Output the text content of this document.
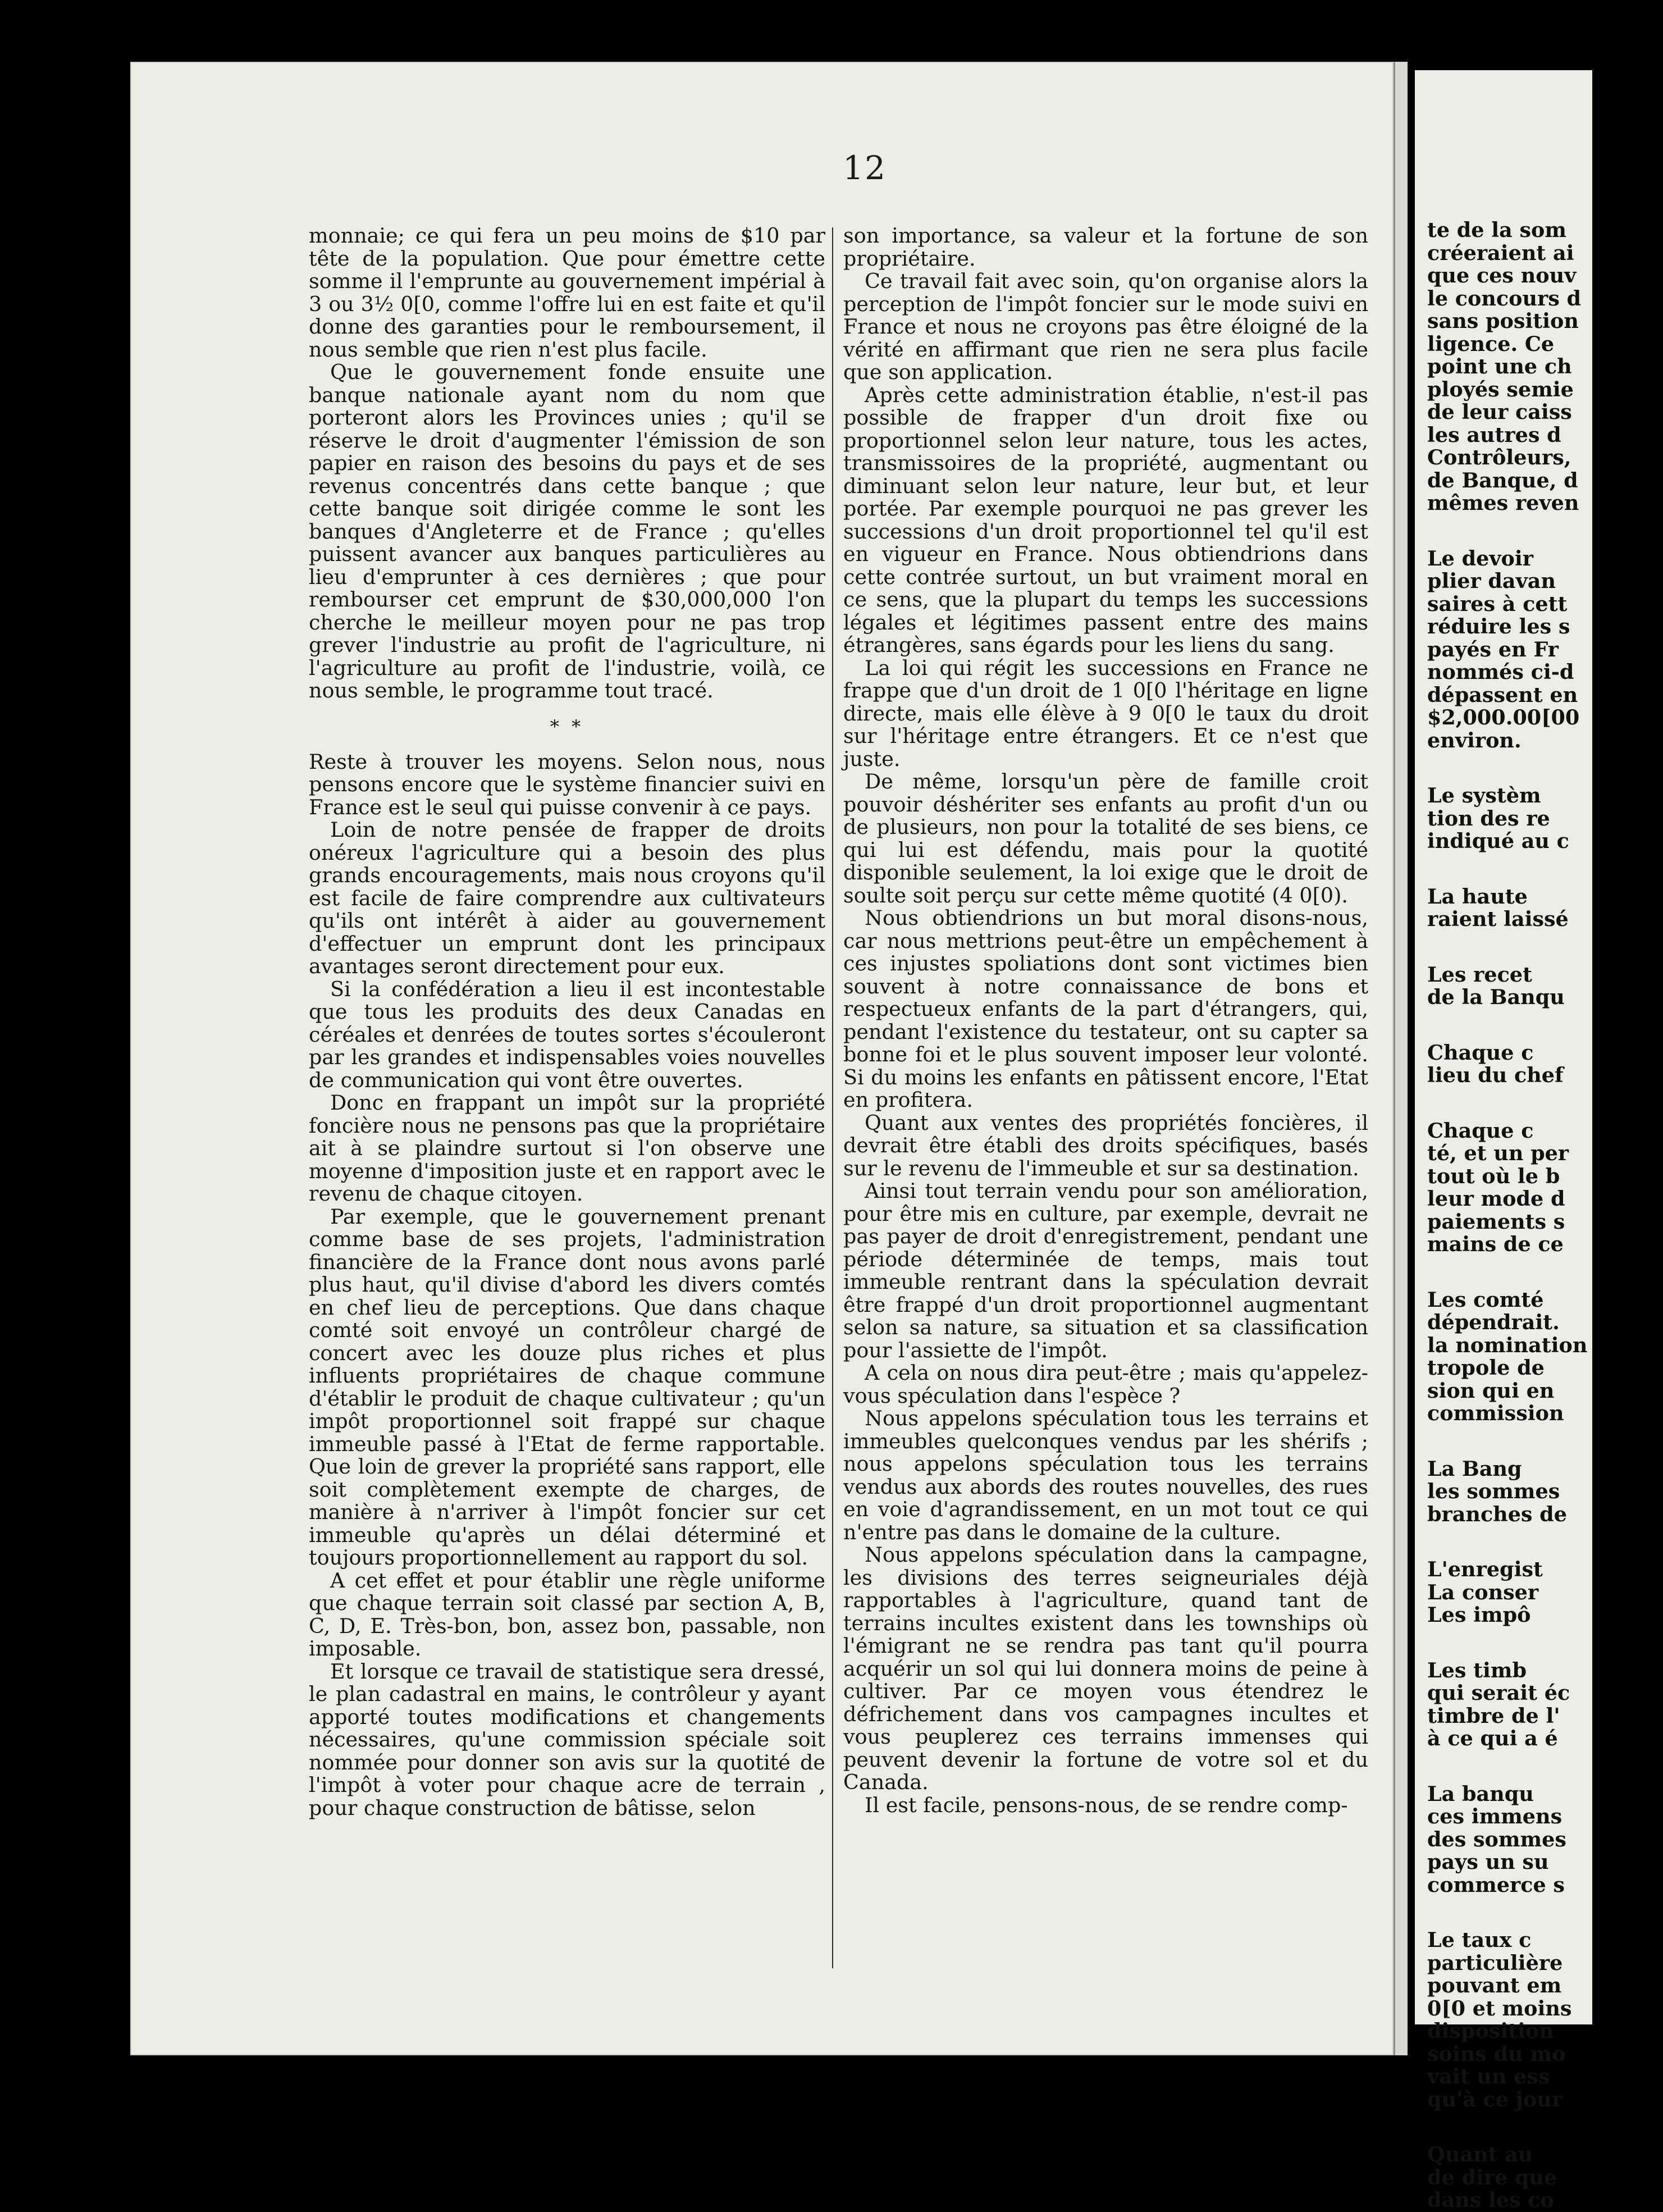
12

monnaie; ce qui fera un peu moins de $10 par tête de la population. Que pour émettre cette somme il l'emprunte au gouvernement impérial à 3 ou 3½ 0[0, comme l'offre lui en est faite et qu'il donne des garanties pour le remboursement, il nous semble que rien n'est plus facile.

Que le gouvernement fonde ensuite une banque nationale ayant nom du nom que porteront alors les Provinces unies ; qu'il se réserve le droit d'augmenter l'émission de son papier en raison des besoins du pays et de ses revenus concentrés dans cette banque ; que cette banque soit dirigée comme le sont les banques d'Angleterre et de France ; qu'elles puissent avancer aux banques particulières au lieu d'emprunter à ces dernières ; que pour rembourser cet emprunt de $30,000,000 l'on cherche le meilleur moyen pour ne pas trop grever l'industrie au profit de l'agriculture, ni l'agriculture au profit de l'industrie, voilà, ce nous semble, le programme tout tracé.

* *

Reste à trouver les moyens. Selon nous, nous pensons encore que le système financier suivi en France est le seul qui puisse convenir à ce pays.

Loin de notre pensée de frapper de droits onéreux l'agriculture qui a besoin des plus grands encouragements, mais nous croyons qu'il est facile de faire comprendre aux cultivateurs qu'ils ont intérêt à aider au gouvernement d'effectuer un emprunt dont les principaux avantages seront directement pour eux.

Si la confédération a lieu il est incontestable que tous les produits des deux Canadas en céréales et denrées de toutes sortes s'écouleront par les grandes et indispensables voies nouvelles de communication qui vont être ouvertes.

Donc en frappant un impôt sur la propriété foncière nous ne pensons pas que la propriétaire ait à se plaindre surtout si l'on observe une moyenne d'imposition juste et en rapport avec le revenu de chaque citoyen.

Par exemple, que le gouvernement prenant comme base de ses projets, l'administration financière de la France dont nous avons parlé plus haut, qu'il divise d'abord les divers comtés en chef lieu de perceptions. Que dans chaque comté soit envoyé un contrôleur chargé de concert avec les douze plus riches et plus influents propriétaires de chaque commune d'établir le produit de chaque cultivateur ; qu'un impôt proportionnel soit frappé sur chaque immeuble passé à l'Etat de ferme rapportable. Que loin de grever la propriété sans rapport, elle soit complètement exempte de charges, de manière à n'arriver à l'impôt foncier sur cet immeuble qu'après un délai déterminé et toujours proportionnellement au rapport du sol.

A cet effet et pour établir une règle uniforme que chaque terrain soit classé par section A, B, C, D, E. Très-bon, bon, assez bon, passable, non imposable.

Et lorsque ce travail de statistique sera dressé, le plan cadastral en mains, le contrôleur y ayant apporté toutes modifications et changements nécessaires, qu'une commission spéciale soit nommée pour donner son avis sur la quotité de l'impôt à voter pour chaque acre de terrain , pour chaque construction de bâtisse, selon

son importance, sa valeur et la fortune de son propriétaire.

Ce travail fait avec soin, qu'on organise alors la perception de l'impôt foncier sur le mode suivi en France et nous ne croyons pas être éloigné de la vérité en affirmant que rien ne sera plus facile que son application.

Après cette administration établie, n'est-il pas possible de frapper d'un droit fixe ou proportionnel selon leur nature, tous les actes, transmissoires de la propriété, augmentant ou diminuant selon leur nature, leur but, et leur portée. Par exemple pourquoi ne pas grever les successions d'un droit proportionnel tel qu'il est en vigueur en France. Nous obtiendrions dans cette contrée surtout, un but vraiment moral en ce sens, que la plupart du temps les successions légales et légitimes passent entre des mains étrangères, sans égards pour les liens du sang.

La loi qui régit les successions en France ne frappe que d'un droit de 1 0[0 l'héritage en ligne directe, mais elle élève à 9 0[0 le taux du droit sur l'héritage entre étrangers. Et ce n'est que juste.

De même, lorsqu'un père de famille croit pouvoir déshériter ses enfants au profit d'un ou de plusieurs, non pour la totalité de ses biens, ce qui lui est défendu, mais pour la quotité disponible seulement, la loi exige que le droit de soulte soit perçu sur cette même quotité (4 0[0).

Nous obtiendrions un but moral disons-nous, car nous mettrions peut-être un empêchement à ces injustes spoliations dont sont victimes bien souvent à notre connaissance de bons et respectueux enfants de la part d'étrangers, qui, pendant l'existence du testateur, ont su capter sa bonne foi et le plus souvent imposer leur volonté. Si du moins les enfants en pâtissent encore, l'Etat en profitera.

Quant aux ventes des propriétés foncières, il devrait être établi des droits spécifiques, basés sur le revenu de l'immeuble et sur sa destination.

Ainsi tout terrain vendu pour son amélioration, pour être mis en culture, par exemple, devrait ne pas payer de droit d'enregistrement, pendant une période déterminée de temps, mais tout immeuble rentrant dans la spéculation devrait être frappé d'un droit proportionnel augmentant selon sa nature, sa situation et sa classification pour l'assiette de l'impôt.

A cela on nous dira peut-être ; mais qu'appelez-vous spéculation dans l'espèce ?

Nous appelons spéculation tous les terrains et immeubles quelconques vendus par les shérifs ; nous appelons spéculation tous les terrains vendus aux abords des routes nouvelles, des rues en voie d'agrandissement, en un mot tout ce qui n'entre pas dans le domaine de la culture.

Nous appelons spéculation dans la campagne, les divisions des terres seigneuriales déjà rapportables à l'agriculture, quand tant de terrains incultes existent dans les townships où l'émigrant ne se rendra pas tant qu'il pourra acquérir un sol qui lui donnera moins de peine à cultiver. Par ce moyen vous étendrez le défrichement dans vos campagnes incultes et vous peuplerez ces terrains immenses qui peuvent devenir la fortune de votre sol et du Canada.

Il est facile, pensons-nous, de se rendre comp-

te de la som
créeraient ai
que ces nouv
le concours d
sans position
ligence. Ce
point une ch
ployés semie
de leur caiss
les autres d
Contrôleurs,
de Banque, d
mêmes reven
Le devoir
plier davan
saires à cett
réduire les s
payés en Fr
nommés ci-d
dépassent en
$2,000.00[00
environ.
Le systèm
tion des re
indiqué au c
La haute
raient laissé
Les recet
de la Banqu
Chaque c
lieu du chef
Chaque c
té, et un per
tout où le b
leur mode d
paiements s
mains de ce
Les comté
dépendrait.
la nomination
tropole de
sion qui en
commission
La Bang
les sommes
branches de
L'enregist
La conser
Les impô
Les timb
qui serait éc
timbre de l'
à ce qui a é
La banqu
ces immens
des sommes
pays un su
commerce s
Le taux c
particulière
pouvant em
0[0 et moins
disposition
soins du mo
vait un ess
qu'à ce jour
Quant au
de dire que
dans les co
